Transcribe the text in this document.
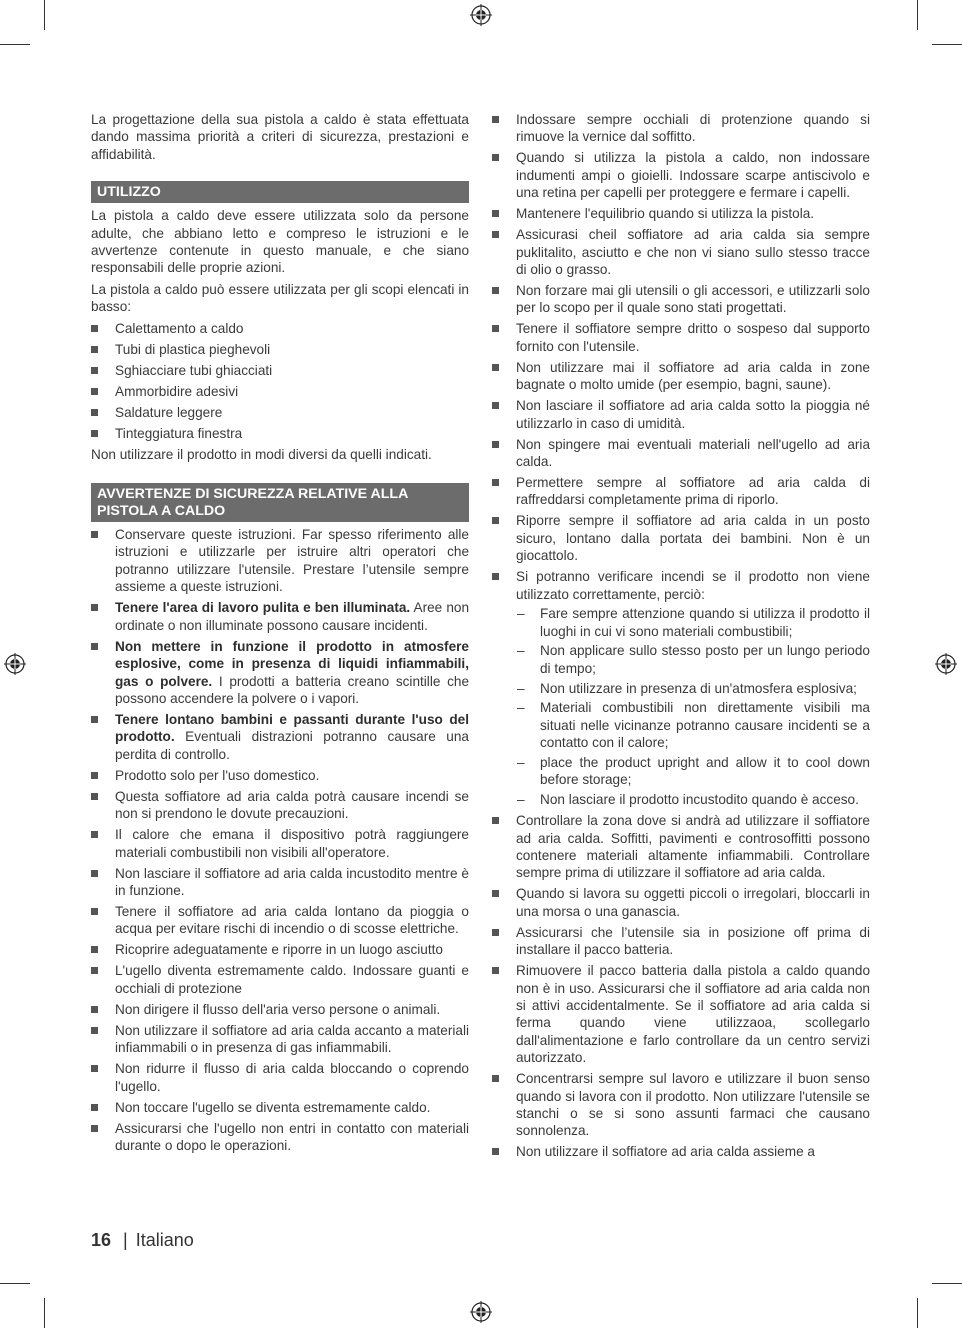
La progettazione della sua pistola a caldo è stata effettuata dando massima priorità a criteri di sicurezza, prestazioni e affidabilità.

UTILIZZO

La pistola a caldo deve essere utilizzata solo da persone adulte, che abbiano letto e compreso le istruzioni e le avvertenze contenute in questo manuale, e che siano responsabili delle proprie azioni.

La pistola a caldo può essere utilizzata per gli scopi elencati in basso:

Calettamento a caldo
Tubi di plastica pieghevoli
Sghiacciare tubi ghiacciati
Ammorbidire adesivi
Saldature leggere
Tinteggiatura finestra

Non utilizzare il prodotto in modi diversi da quelli indicati.

AVVERTENZE DI SICUREZZA RELATIVE ALLA
PISTOLA A CALDO
Conservare queste istruzioni. Far spesso riferimento alle istruzioni e utilizzarle per istruire altri operatori che potranno utilizzare l'utensile. Prestare l’utensile sempre assieme a queste istruzioni.
Tenere l'area di lavoro pulita e ben illuminata. Aree non ordinate o non illuminate possono causare incidenti.
Non mettere in funzione il prodotto in atmosfere esplosive, come in presenza di liquidi infiammabili, gas o polvere. I prodotti a batteria creano scintille che possono accendere la polvere o i vapori.
Tenere lontano bambini e passanti durante l'uso del prodotto. Eventuali distrazioni potranno causare una perdita di controllo.
Prodotto solo per l'uso domestico.
Questa soffiatore ad aria calda potrà causare incendi se non si prendono le dovute precauzioni.
Il calore che emana il dispositivo potrà raggiungere materiali combustibili non visibili all'operatore.
Non lasciare il soffiatore ad aria calda incustodito mentre è in funzione.
Tenere il soffiatore ad aria calda lontano da pioggia o acqua per evitare rischi di incendio o di scosse elettriche.
Ricoprire adeguatamente e riporre in un luogo asciutto
L'ugello diventa estremamente caldo. Indossare guanti e occhiali di protezione
Non dirigere il flusso dell'aria verso persone o animali.
Non utilizzare il soffiatore ad aria calda accanto a materiali infiammabili o in presenza di gas infiammabili.
Non ridurre il flusso di aria calda bloccando o coprendo l'ugello.
Non toccare l'ugello se diventa estremamente caldo.
Assicurarsi che l'ugello non entri in contatto con materiali durante o dopo le operazioni.
Indossare sempre occhiali di protenzione quando si rimuove la vernice dal soffitto.
Quando si utilizza la pistola a caldo, non indossare indumenti ampi o gioielli. Indossare scarpe antiscivolo e una retina per capelli per proteggere e fermare i capelli.
Mantenere l'equilibrio quando si utilizza la pistola.
Assicurasi cheil soffiatore ad aria calda sia sempre puklitalito, asciutto e che non vi siano sullo stesso tracce di olio o grasso.
Non forzare mai gli utensili o gli accessori, e utilizzarli solo per lo scopo per il quale sono stati progettati.
Tenere il soffiatore sempre dritto o sospeso dal supporto fornito con l'utensile.
Non utilizzare mai il soffiatore ad aria calda in zone bagnate o molto umide (per esempio, bagni, saune).
Non lasciare il soffiatore ad aria calda sotto la pioggia né utilizzarlo in caso di umidità.
Non spingere mai eventuali materiali nell'ugello ad aria calda.
Permettere sempre al soffiatore ad aria calda di raffreddarsi completamente prima di riporlo.
Riporre sempre il soffiatore ad aria calda in un posto sicuro, lontano dalla portata dei bambini. Non è un giocattolo.
Si potranno verificare incendi se il prodotto non viene utilizzato correttamente, perciò:
– Fare sempre attenzione quando si utilizza il prodotto il luoghi in cui vi sono materiali combustibili;
– Non applicare sullo stesso posto per un lungo periodo di tempo;
– Non utilizzare in presenza di un'atmosfera esplosiva;
– Materiali combustibili non direttamente visibili ma situati nelle vicinanze potranno causare incidenti se a contatto con il calore;
– place the product upright and allow it to cool down before storage;
– Non lasciare il prodotto incustodito quando è acceso.
Controllare la zona dove si andrà ad utilizzare il soffiatore ad aria calda. Soffitti, pavimenti e controsoffitti possono contenere materiali altamente infiammabili. Controllare sempre prima di utilizzare il soffiatore ad aria calda.
Quando si lavora su oggetti piccoli o irregolari, bloccarli in una morsa o una ganascia.
Assicurarsi che l’utensile sia in posizione off prima di installare il pacco batteria.
Rimuovere il pacco batteria dalla pistola a caldo quando non è in uso. Assicurarsi che il soffiatore ad aria calda non si attivi accidentalmente. Se il soffiatore ad aria calda si ferma quando viene utilizzaoa, scollegarlo dall'alimentazione e farlo controllare da un centro servizi autorizzato.
Concentrarsi sempre sul lavoro e utilizzare il buon senso quando si lavora con il prodotto. Non utilizzare l'utensile se stanchi o se si sono assunti farmaci che causano sonnolenza.
Non utilizzare il soffiatore ad aria calda assieme a
16 | Italiano
